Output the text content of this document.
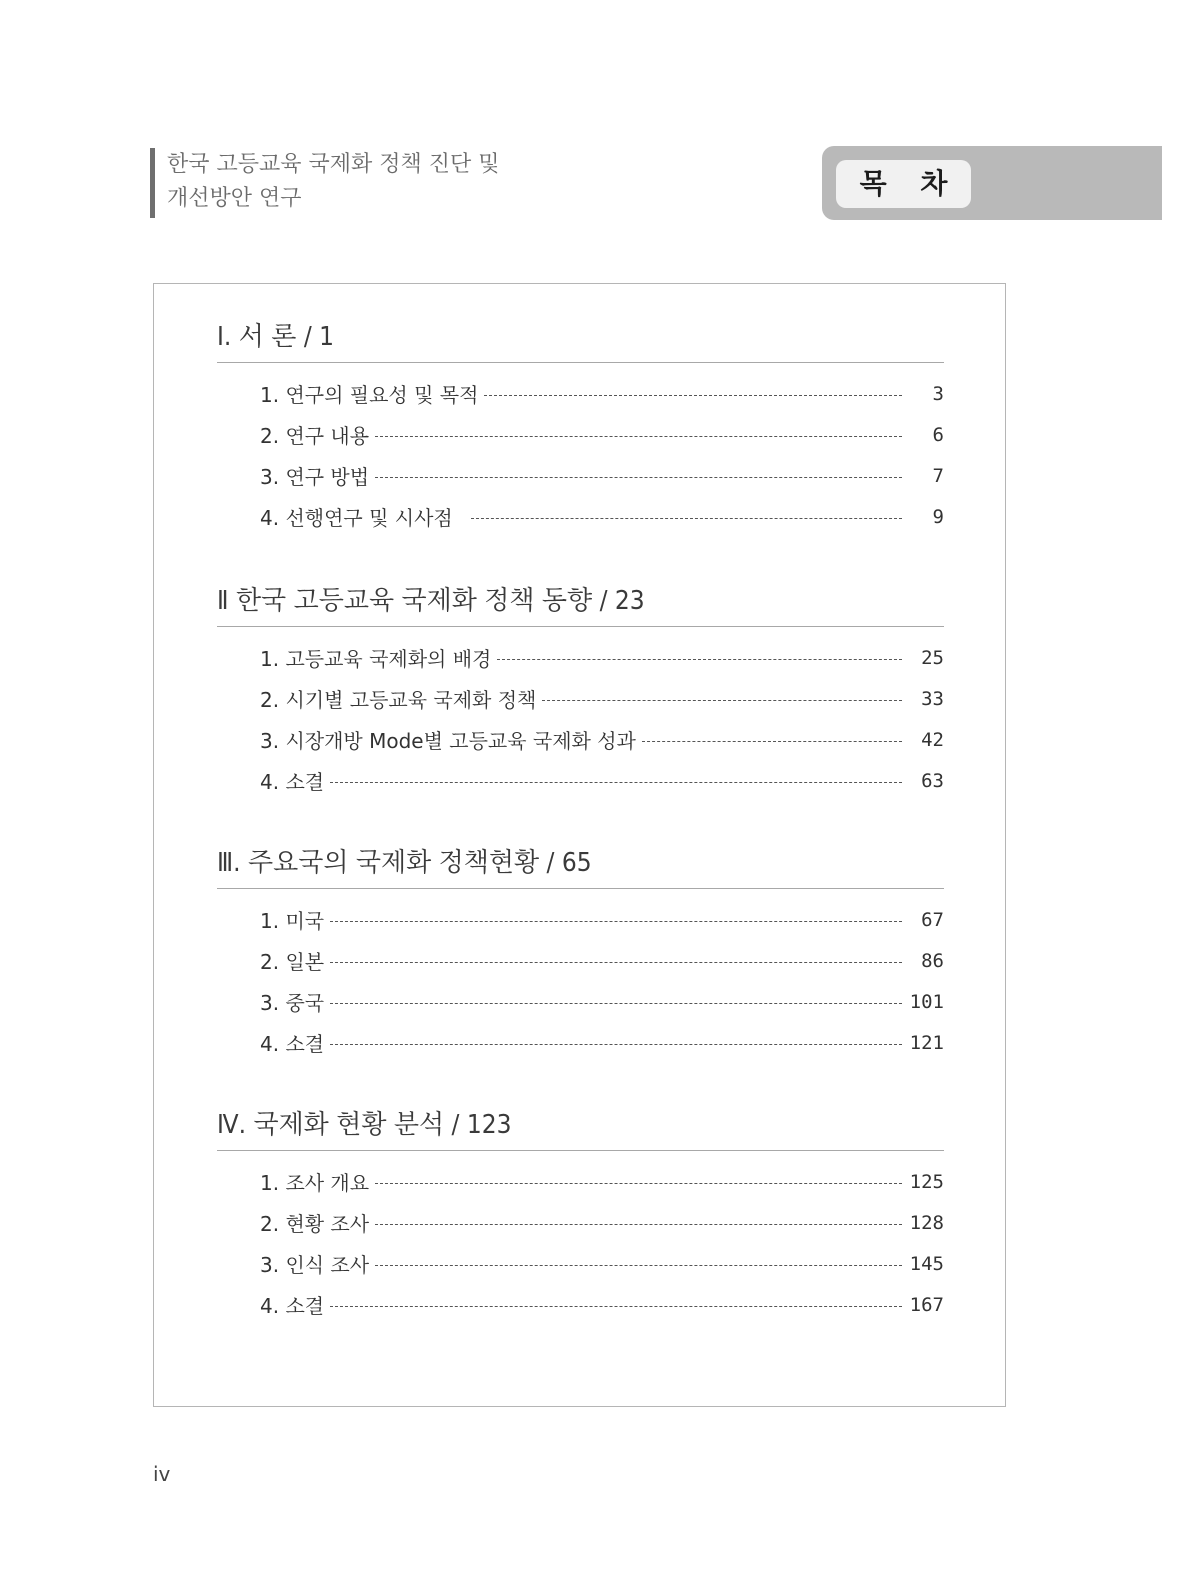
한국 고등교육 국제화 정책 진단 및
개선방안 연구	목 차
Ⅰ. 서 론 / 1
1. 연구의 필요성 및 목적	3
2. 연구 내용	6
3. 연구 방법	7
4. 선행연구 및 시사점	9
Ⅱ 한국 고등교육 국제화 정책 동향 / 23
1. 고등교육 국제화의 배경	25
2. 시기별 고등교육 국제화 정책	33
3. 시장개방 Mode별 고등교육 국제화 성과	42
4. 소결	63
Ⅲ. 주요국의 국제화 정책현황 / 65
1. 미국	67
2. 일본	86
3. 중국	101
4. 소결	121
Ⅳ. 국제화 현황 분석 / 123
1. 조사 개요	125
2. 현황 조사	128
3. 인식 조사	145
4. 소결	167
iv
